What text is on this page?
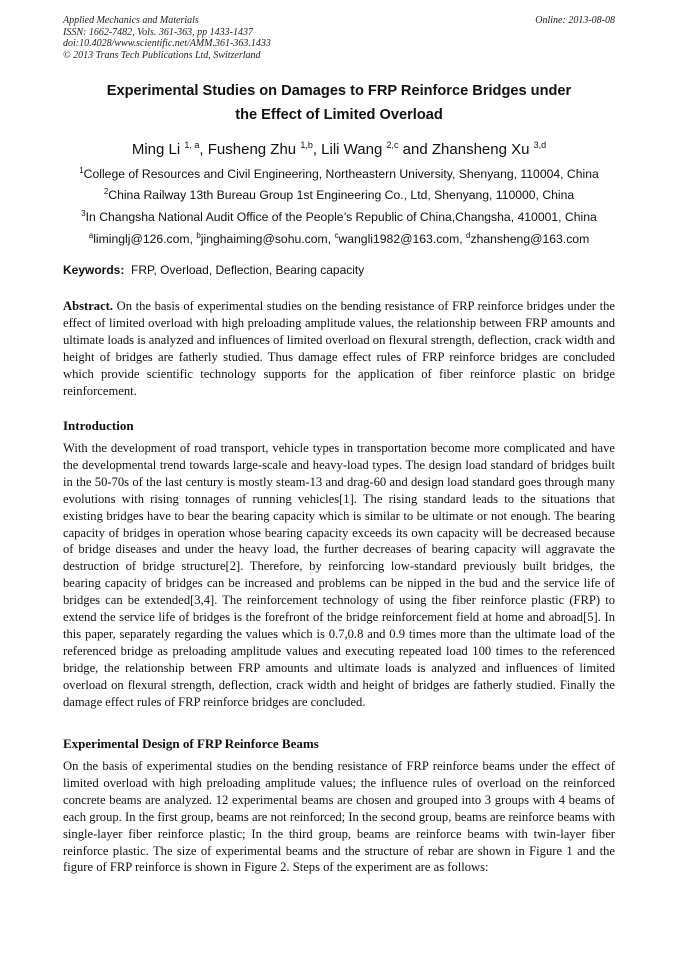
Applied Mechanics and Materials	Online: 2013-08-08
ISSN: 1662-7482, Vols. 361-363, pp 1433-1437
doi:10.4028/www.scientific.net/AMM.361-363.1433
© 2013 Trans Tech Publications Ltd, Switzerland
Experimental Studies on Damages to FRP Reinforce Bridges under
the Effect of Limited Overload
Ming Li $^{1, a}$, Fusheng Zhu $^{1,b}$, Lili Wang $^{2,c}$ and Zhansheng Xu $^{3,d}$
$^1$College of Resources and Civil Engineering, Northeastern University, Shenyang, 110004, China
$^2$China Railway 13th Bureau Group 1st Engineering Co., Ltd, Shenyang, 110000, China
$^3$In Changsha National Audit Office of the People’s Republic of China,Changsha, 410001, China
$^a$liminglj@126.com, $^b$jinghaiming@sohu.com, $^c$wangli1982@163.com, $^d$zhansheng@163.com
Keywords: FRP, Overload, Deflection, Bearing capacity
Abstract. On the basis of experimental studies on the bending resistance of FRP reinforce bridges under the effect of limited overload with high preloading amplitude values, the relationship between FRP amounts and ultimate loads is analyzed and influences of limited overload on flexural strength, deflection, crack width and height of bridges are fatherly studied. Thus damage effect rules of FRP reinforce bridges are concluded which provide scientific technology supports for the application of fiber reinforce plastic on bridge reinforcement.
Introduction
With the development of road transport, vehicle types in transportation become more complicated and have the developmental trend towards large-scale and heavy-load types. The design load standard of bridges built in the 50-70s of the last century is mostly steam-13 and drag-60 and design load standard goes through many evolutions with rising tonnages of running vehicles[1]. The rising standard leads to the situations that existing bridges have to bear the bearing capacity which is similar to be ultimate or not enough. The bearing capacity of bridges in operation whose bearing capacity exceeds its own capacity will be decreased because of bridge diseases and under the heavy load, the further decreases of bearing capacity will aggravate the destruction of bridge structure[2]. Therefore, by reinforcing low-standard previously built bridges, the bearing capacity of bridges can be increased and problems can be nipped in the bud and the service life of bridges can be extended[3,4]. The reinforcement technology of using the fiber reinforce plastic (FRP) to extend the service life of bridges is the forefront of the bridge reinforcement field at home and abroad[5]. In this paper, separately regarding the values which is 0.7,0.8 and 0.9 times more than the ultimate load of the referenced bridge as preloading amplitude values and executing repeated load 100 times to the referenced bridge, the relationship between FRP amounts and ultimate loads is analyzed and influences of limited overload on flexural strength, deflection, crack width and height of bridges are fatherly studied. Finally the damage effect rules of FRP reinforce bridges are concluded.
Experimental Design of FRP Reinforce Beams
On the basis of experimental studies on the bending resistance of FRP reinforce beams under the effect of limited overload with high preloading amplitude values; the influence rules of overload on the reinforced concrete beams are analyzed. 12 experimental beams are chosen and grouped into 3 groups with 4 beams of each group. In the first group, beams are not reinforced; In the second group, beams are reinforce beams with single-layer fiber reinforce plastic; In the third group, beams are reinforce beams with twin-layer fiber reinforce plastic. The size of experimental beams and the structure of rebar are shown in Figure 1 and the figure of FRP reinforce is shown in Figure 2. Steps of the experiment are as follows:
